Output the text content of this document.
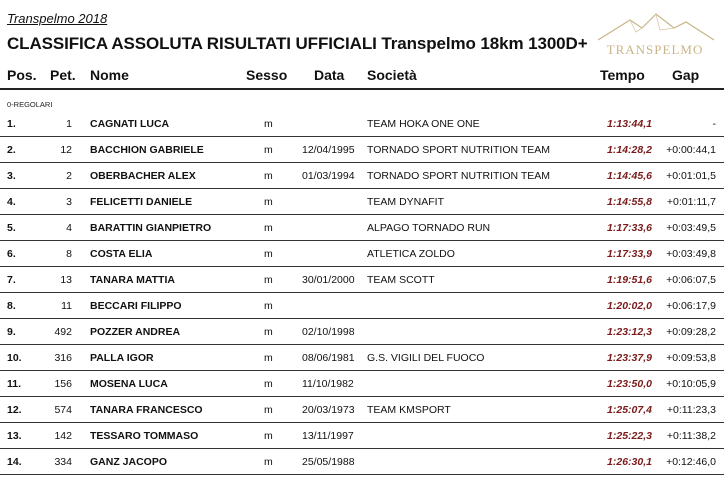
TRANSPELMO
Transpelmo 2018
CLASSIFICA ASSOLUTA RISULTATI UFFICIALI Transpelmo 18km 1300D+
Pos. Pet. Nome	Sesso Data Società	Tempo Gap
0-REGOLARI
1.	1 CAGNATI LUCA	m	TEAM HOKA ONE ONE	1:13:44,1	-
2.	12 BACCHION GABRIELE	m	12/04/1995 TORNADO SPORT NUTRITION TEAM	1:14:28,2	+0:00:44,1
3.	2 OBERBACHER ALEX	m	01/03/1994 TORNADO SPORT NUTRITION TEAM	1:14:45,6	+0:01:01,5
4.	3 FELICETTI DANIELE	m	TEAM DYNAFIT	1:14:55,8	+0:01:11,7
5.	4 BARATTIN GIANPIETRO	m	ALPAGO TORNADO RUN	1:17:33,6	+0:03:49,5
6.	8 COSTA ELIA	m	ATLETICA ZOLDO	1:17:33,9	+0:03:49,8
7.	13 TANARA MATTIA	m	30/01/2000 TEAM SCOTT	1:19:51,6	+0:06:07,5
8.	11 BECCARI FILIPPO	m	1:20:02,0	+0:06:17,9
9.	492 POZZER ANDREA	m	02/10/1998	1:23:12,3	+0:09:28,2
10.	316 PALLA IGOR	m	08/06/1981 G.S. VIGILI DEL FUOCO	1:23:37,9	+0:09:53,8
11.	156 MOSENA LUCA	m	11/10/1982	1:23:50,0	+0:10:05,9
12.	574 TANARA FRANCESCO	m	20/03/1973 TEAM KMSPORT	1:25:07,4	+0:11:23,3
13.	142 TESSARO TOMMASO	m	13/11/1997	1:25:22,3	+0:11:38,2
14.	334 GANZ JACOPO	m	25/05/1988	1:26:30,1	+0:12:46,0
